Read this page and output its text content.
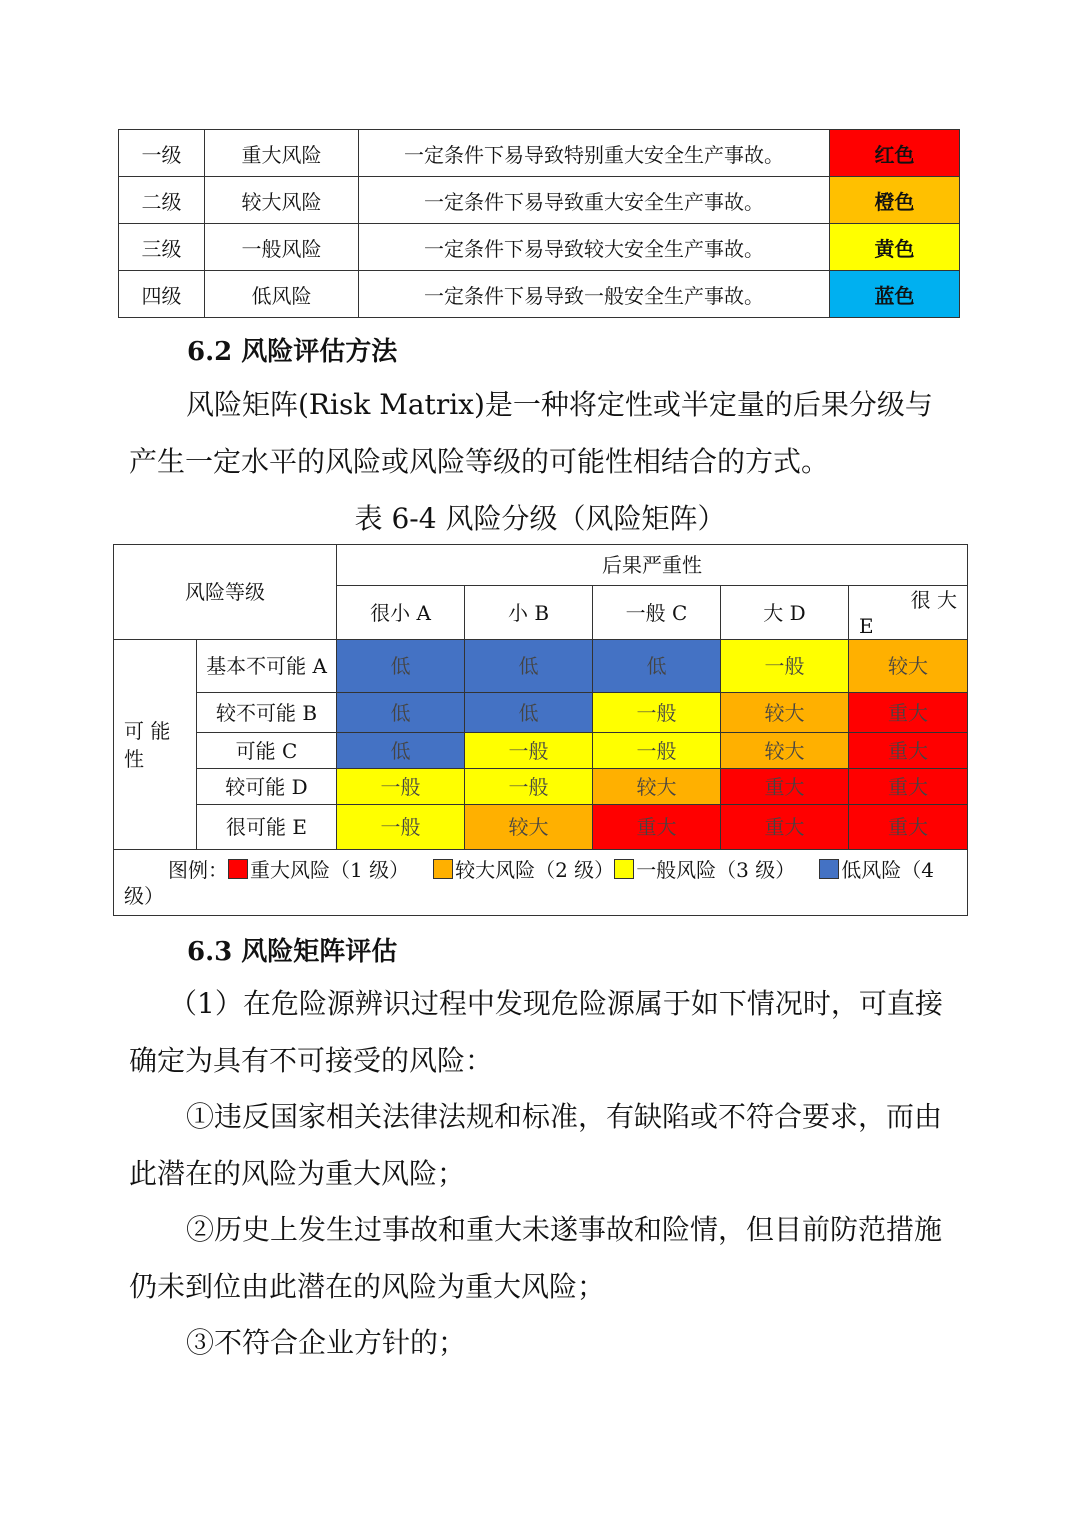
一级	重大风险	一定条件下易导致特别重大安全生产事故。	红色
二级	较大风险	一定条件下易导致重大安全生产事故。	橙色
三级	一般风险	一定条件下易导致较大安全生产事故。	黄色
四级	低风险	一定条件下易导致一般安全生产事故。	蓝色
6.2 风险评估方法

风险矩阵(Risk Matrix)是一种将定性或半定量的后果分级与产生一定水平的风险或风险等级的可能性相结合的方式。

表 6-4 风险分级（风险矩阵）

风险等级		后果严重性				
		很小 A	小 B	一般 C	大 D	很 大
E

可 能 性	基本不可能 A	低	低	低	一般	较大
	较不可能 B	低	低	一般	较大	重大
	可能 C	低	一般	一般	较大	重大
	较可能 D	一般	一般	较大	重大	重大
	很可能 E	一般	较大	重大	重大	重大
图例： 重大风险（1 级） 较大风险（2 级） 一般风险（3 级） 低风险（4 级）						
6.3 风险矩阵评估

（1）在危险源辨识过程中发现危险源属于如下情况时，可直接确定为具有不可接受的风险：

①违反国家相关法律法规和标准，有缺陷或不符合要求，而由此潜在的风险为重大风险；

②历史上发生过事故和重大未遂事故和险情，但目前防范措施仍未到位由此潜在的风险为重大风险；

③不符合企业方针的；
